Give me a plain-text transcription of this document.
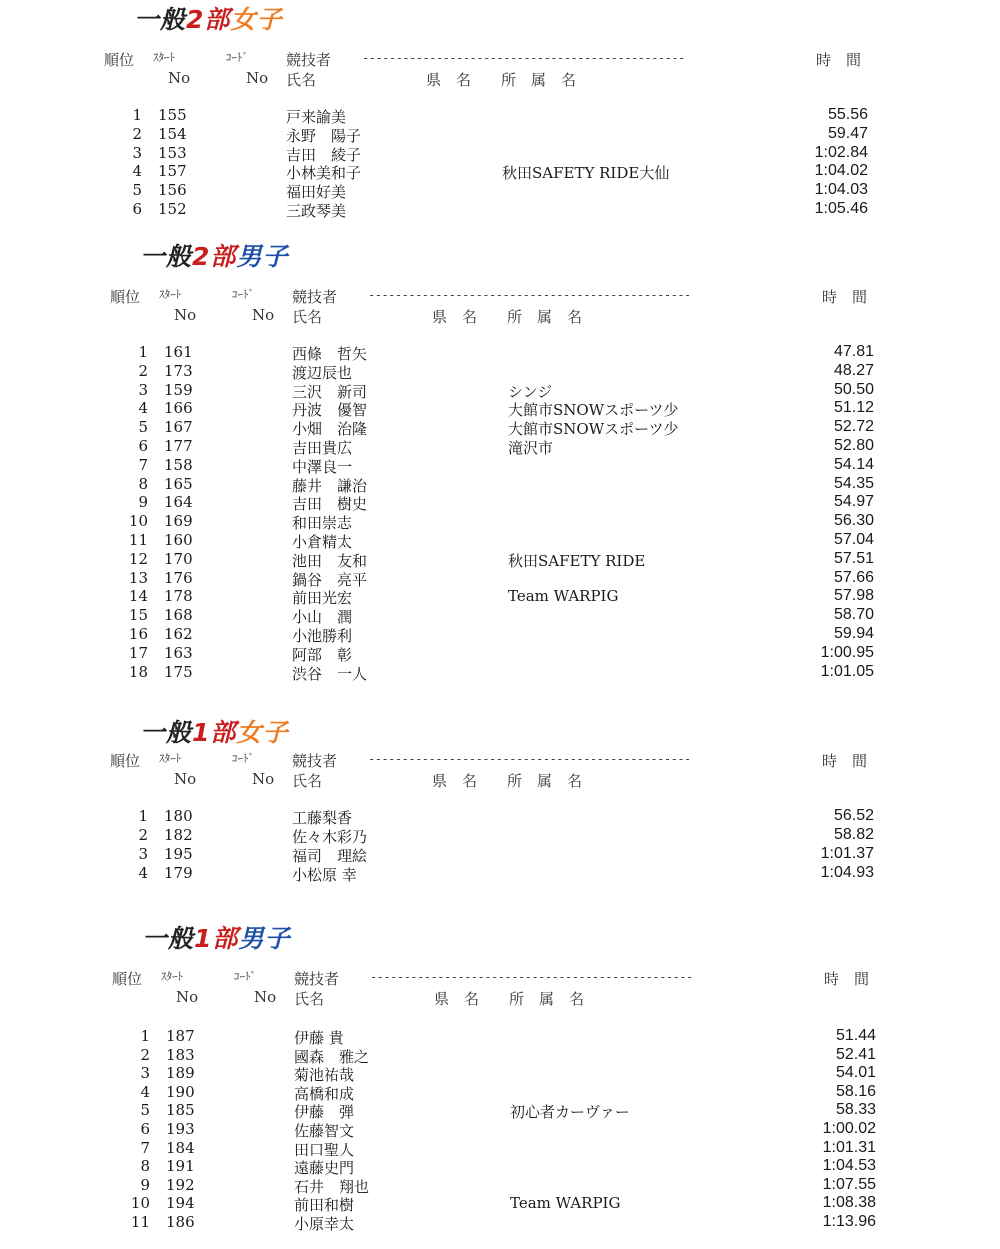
一般2部女子
順位 ｽﾀｰﾄ	ｺｰﾄﾞ	競技者	時　間
No	No 氏名	県　名 所　属　名
------------------------------------------------
1 155	戸来諭美	55.56
2 154	永野　陽子	59.47
3 153	吉田　綾子	1:02.84
4 157	小林美和子	秋田SAFETY RIDE大仙	1:04.02
5 156	福田好美	1:04.03
6 152	三政琴美	1:05.46
一般2部男子
順位 ｽﾀｰﾄ	ｺｰﾄﾞ	競技者	時　間
No	No 氏名	県　名 所　属　名
------------------------------------------------
1 161	西條　哲矢	47.81
2 173	渡辺辰也	48.27
3 159	三沢　新司	シンジ	50.50
4 166	丹波　優智	大館市SNOWスポーツ少	51.12
5 167	小畑　治隆	大館市SNOWスポーツ少	52.72
6 177	吉田貴広	滝沢市	52.80
7 158	中澤良一	54.14
8 165	藤井　謙治	54.35
9 164	吉田　樹史	54.97
10 169	和田崇志	56.30
11 160	小倉精太	57.04
12 170	池田　友和	秋田SAFETY RIDE	57.51
13 176	鍋谷　亮平	57.66
14 178	前田光宏	Team WARPIG	57.98
15 168	小山　潤	58.70
16 162	小池勝利	59.94
17 163	阿部　彰	1:00.95
18 175	渋谷　一人	1:01.05
一般1部女子
順位 ｽﾀｰﾄ	ｺｰﾄﾞ	競技者	時　間
No	No 氏名	県　名 所　属　名
------------------------------------------------
1 180	工藤梨香	56.52
2 182	佐々木彩乃	58.82
3 195	福司　理絵	1:01.37
4 179	小松原 幸	1:04.93
一般1部男子
順位 ｽﾀｰﾄ	ｺｰﾄﾞ	競技者	時　間
No	No 氏名	県　名 所　属　名
------------------------------------------------
1 187	伊藤 貴	51.44
2 183	國森　雅之	52.41
3 189	菊池祐哉	54.01
4 190	高橋和成	58.16
5 185	伊藤　弾	初心者カーヴァー	58.33
6 193	佐藤智文	1:00.02
7 184	田口聖人	1:01.31
8 191	遠藤史門	1:04.53
9 192	石井　翔也	1:07.55
10 194	前田和樹	Team WARPIG	1:08.38
11 186	小原幸太	1:13.96
